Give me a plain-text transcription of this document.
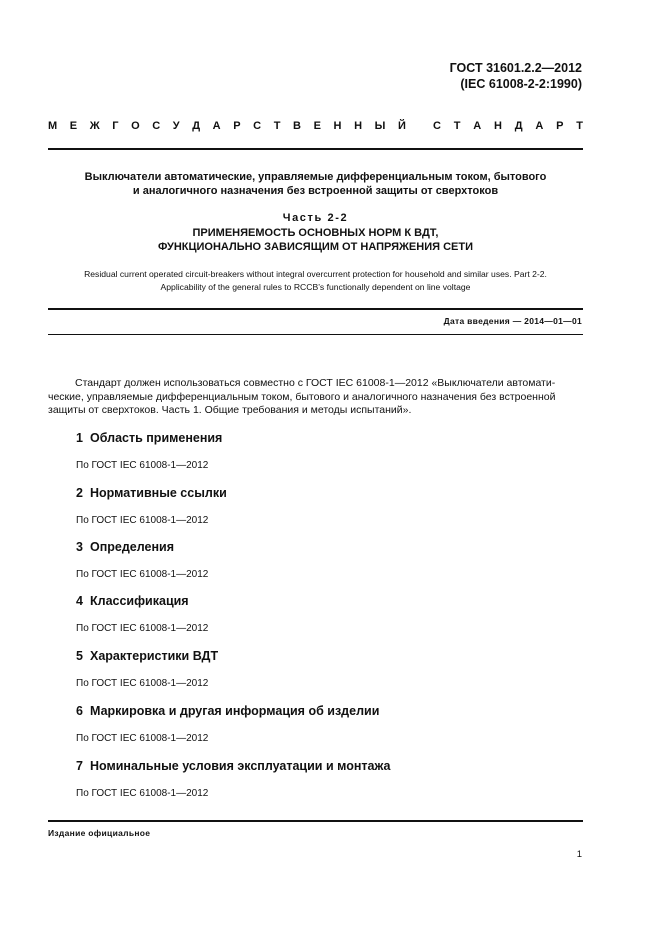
ГОСТ 31601.2.2—2012
(IEC 61008-2-2:1990)
М Е Ж Г О С У Д А Р С Т В Е Н Н Ы Й С Т А Н Д А Р Т
Выключатели автоматические, управляемые дифференциальным током, бытового
и аналогичного назначения без встроенной защиты от сверхтоков
Часть 2-2
ПРИМЕНЯЕМОСТЬ ОСНОВНЫХ НОРМ К ВДТ,
ФУНКЦИОНАЛЬНО ЗАВИСЯЩИМ ОТ НАПРЯЖЕНИЯ СЕТИ
Residual current operated circuit-breakers without integral overcurrent protection for household and similar uses. Part 2-2.
Applicability of the general rules to RCCB’s functionally dependent on line voltage
Дата введения — 2014—01—01
Стандарт должен использоваться совместно с ГОСТ IEC 61008-1—2012 «Выключатели автомати-
ческие, управляемые дифференциальным током, бытового и аналогичного назначения без встроенной
защиты от сверхтоков. Часть 1. Общие требования и методы испытаний».
1 Область применения
По ГОСТ IEC 61008-1—2012
2 Нормативные ссылки
По ГОСТ IEC 61008-1—2012
3 Определения
По ГОСТ IEC 61008-1—2012
4 Классификация
По ГОСТ IEC 61008-1—2012
5 Характеристики ВДТ
По ГОСТ IEC 61008-1—2012
6 Маркировка и другая информация об изделии
По ГОСТ IEC 61008-1—2012
7 Номинальные условия эксплуатации и монтажа
По ГОСТ IEC 61008-1—2012
Издание официальное
1
